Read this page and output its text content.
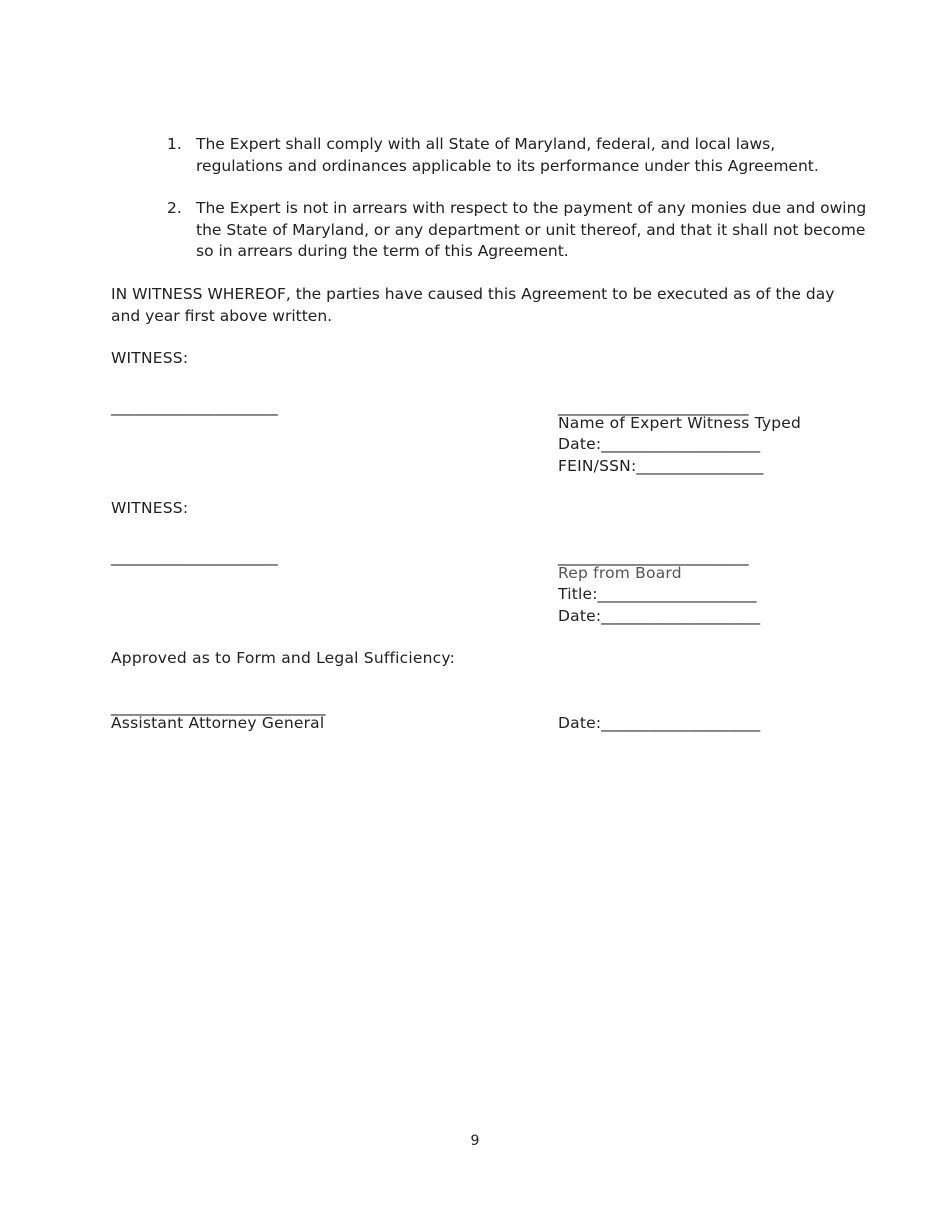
1. The Expert shall comply with all State of Maryland, federal, and local laws,
regulations and ordinances applicable to its performance under this Agreement.
2. The Expert is not in arrears with respect to the payment of any monies due and owing
the State of Maryland, or any department or unit thereof, and that it shall not become
so in arrears during the term of this Agreement.
IN WITNESS WHEREOF, the parties have caused this Agreement to be executed as of the day
and year first above written.
WITNESS:
_____________________	________________________
Name of Expert Witness Typed
Date:____________________
FEIN/SSN:________________
WITNESS:
_____________________	________________________
Rep from Board
Title:____________________
Date:____________________
Approved as to Form and Legal Sufficiency:
___________________________
Assistant Attorney General	Date:____________________
9
